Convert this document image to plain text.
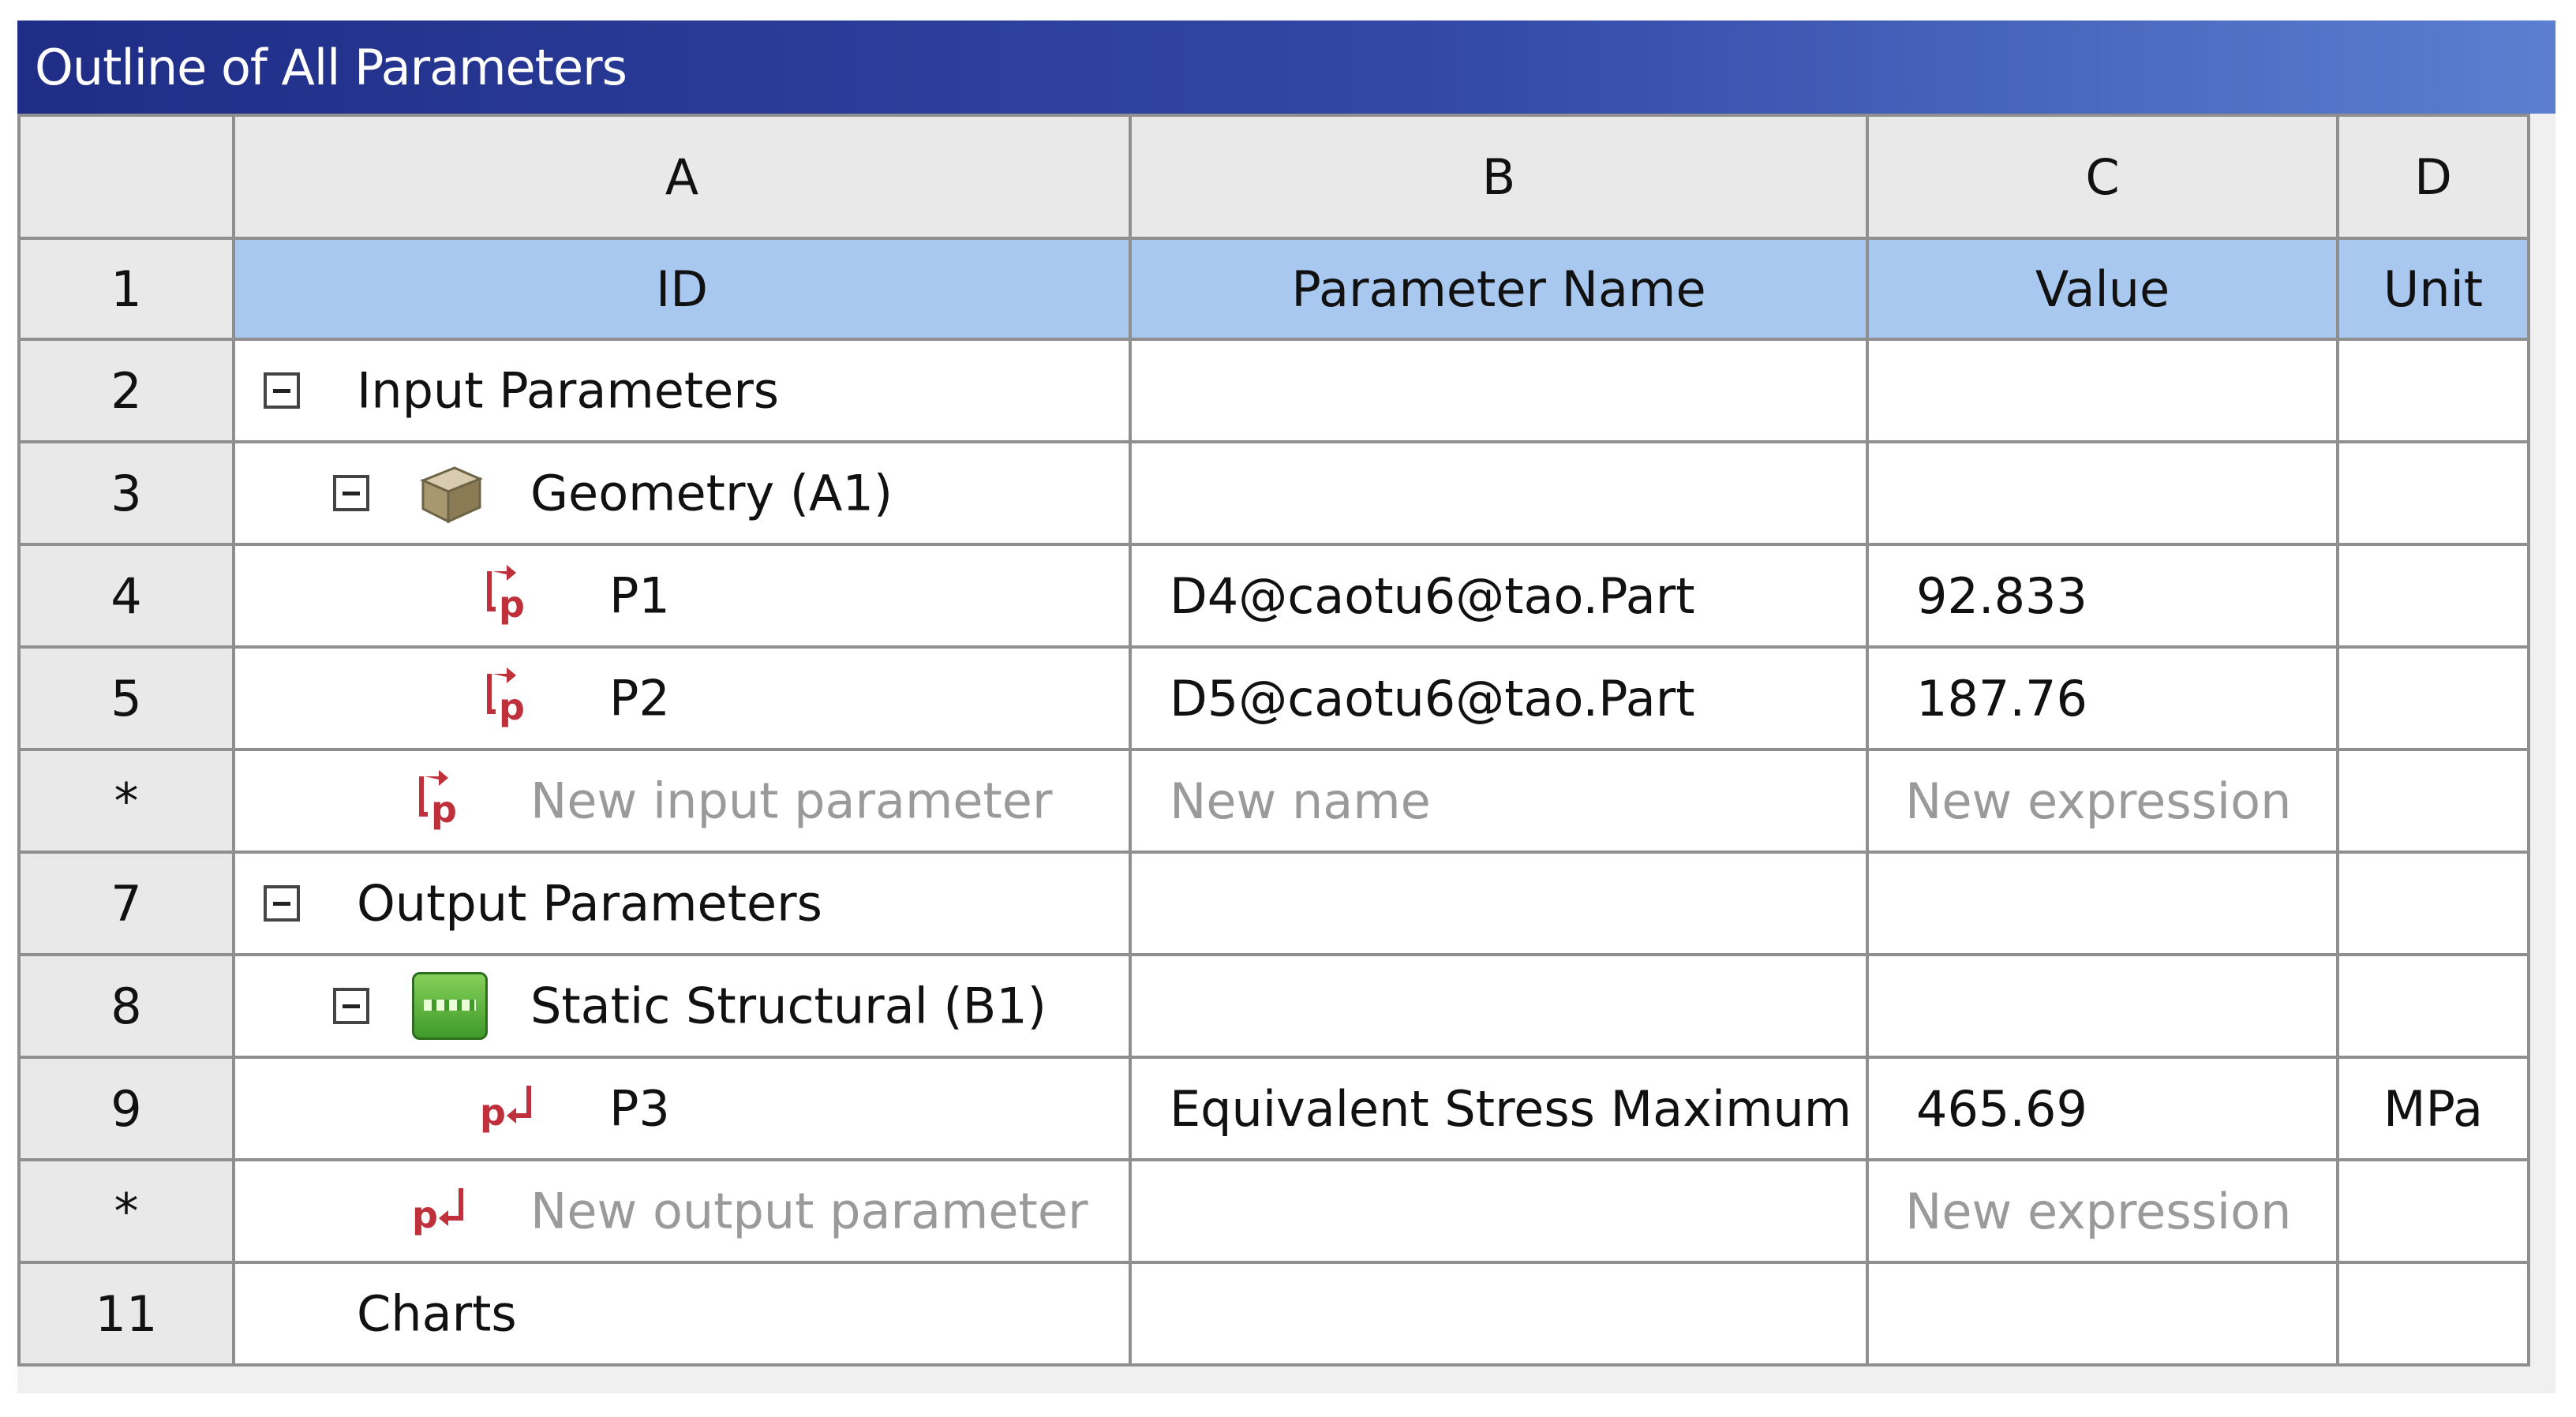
Outline of All Parameters
	A	B	C	D
1	ID	Parameter Name	Value	Unit
2	Input Parameters			

3	Geometry (A1)			

4	p P1	D4@caotu6@tao.Part	92.833	
5	p P2	D5@caotu6@tao.Part	187.76	
*	p New input parameter	New name	New expression	
7	Output Parameters			

8	Static Structural (B1)			

9	p P3	Equivalent Stress Maximum	465.69	MPa
*	p New output parameter		New expression	
11	Charts			
